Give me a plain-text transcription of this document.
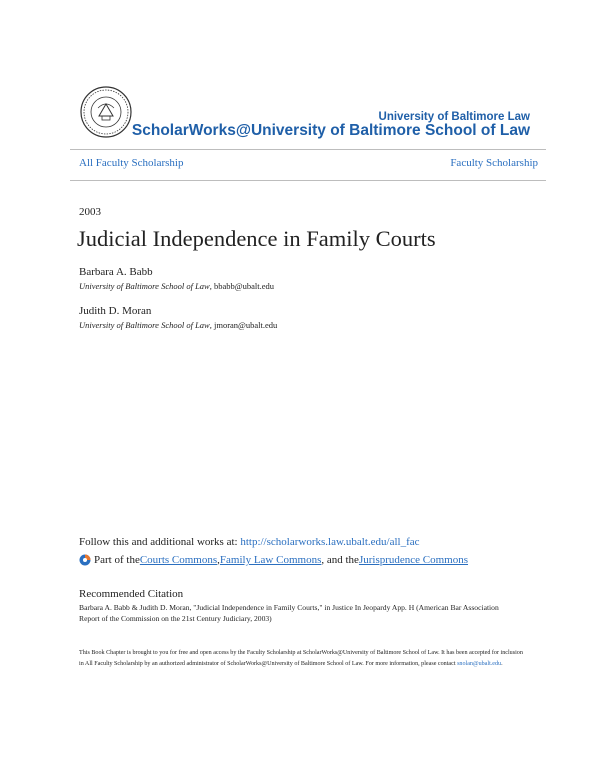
University of Baltimore Law
ScholarWorks@University of Baltimore School of Law
All Faculty Scholarship	Faculty Scholarship
2003
Judicial Independence in Family Courts
Barbara A. Babb
University of Baltimore School of Law, bbabb@ubalt.edu
Judith D. Moran
University of Baltimore School of Law, jmoran@ubalt.edu
Follow this and additional works at: http://scholarworks.law.ubalt.edu/all_fac
Part of the Courts Commons , Family Law Commons , and the Jurisprudence Commons
Recommended Citation
Barbara A. Babb & Judith D. Moran, "Judicial Independence in Family Courts," in Justice In Jeopardy App. H (American Bar Association Report of the Commission on the 21st Century Judiciary, 2003)
This Book Chapter is brought to you for free and open access by the Faculty Scholarship at ScholarWorks@University of Baltimore School of Law. It has been accepted for inclusion in All Faculty Scholarship by an authorized administrator of ScholarWorks@University of Baltimore School of Law. For more information, please contact snolan@ubalt.edu.
